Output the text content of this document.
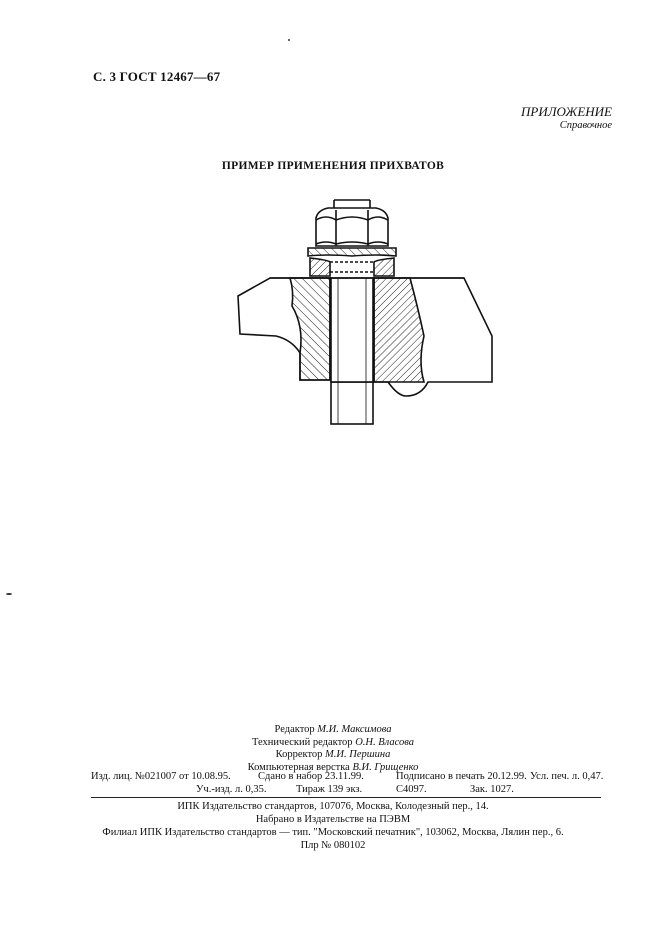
С. 3 ГОСТ 12467—67
ПРИЛОЖЕНИЕ
Справочное
ПРИМЕР ПРИМЕНЕНИЯ ПРИХВАТОВ
Редактор М.И. Максимова
Технический редактор О.Н. Власова
Корректор М.И. Першина
Компьютерная верстка В.И. Грищенко
Изд. лиц. №021007 от 10.08.95.	Сдано в набор 23.11.99.	Подписано в печать 20.12.99. Усл. печ. л. 0,47.
Уч.-изд. л. 0,35.	Тираж 139 экз.	С4097.	Зак. 1027.
ИПК Издательство стандартов, 107076, Москва, Колодезный пер., 14.
Набрано в Издательстве на ПЭВМ
Филиал ИПК Издательство стандартов — тип. "Московский печатник", 103062, Москва, Лялин пер., 6.
Плр № 080102
